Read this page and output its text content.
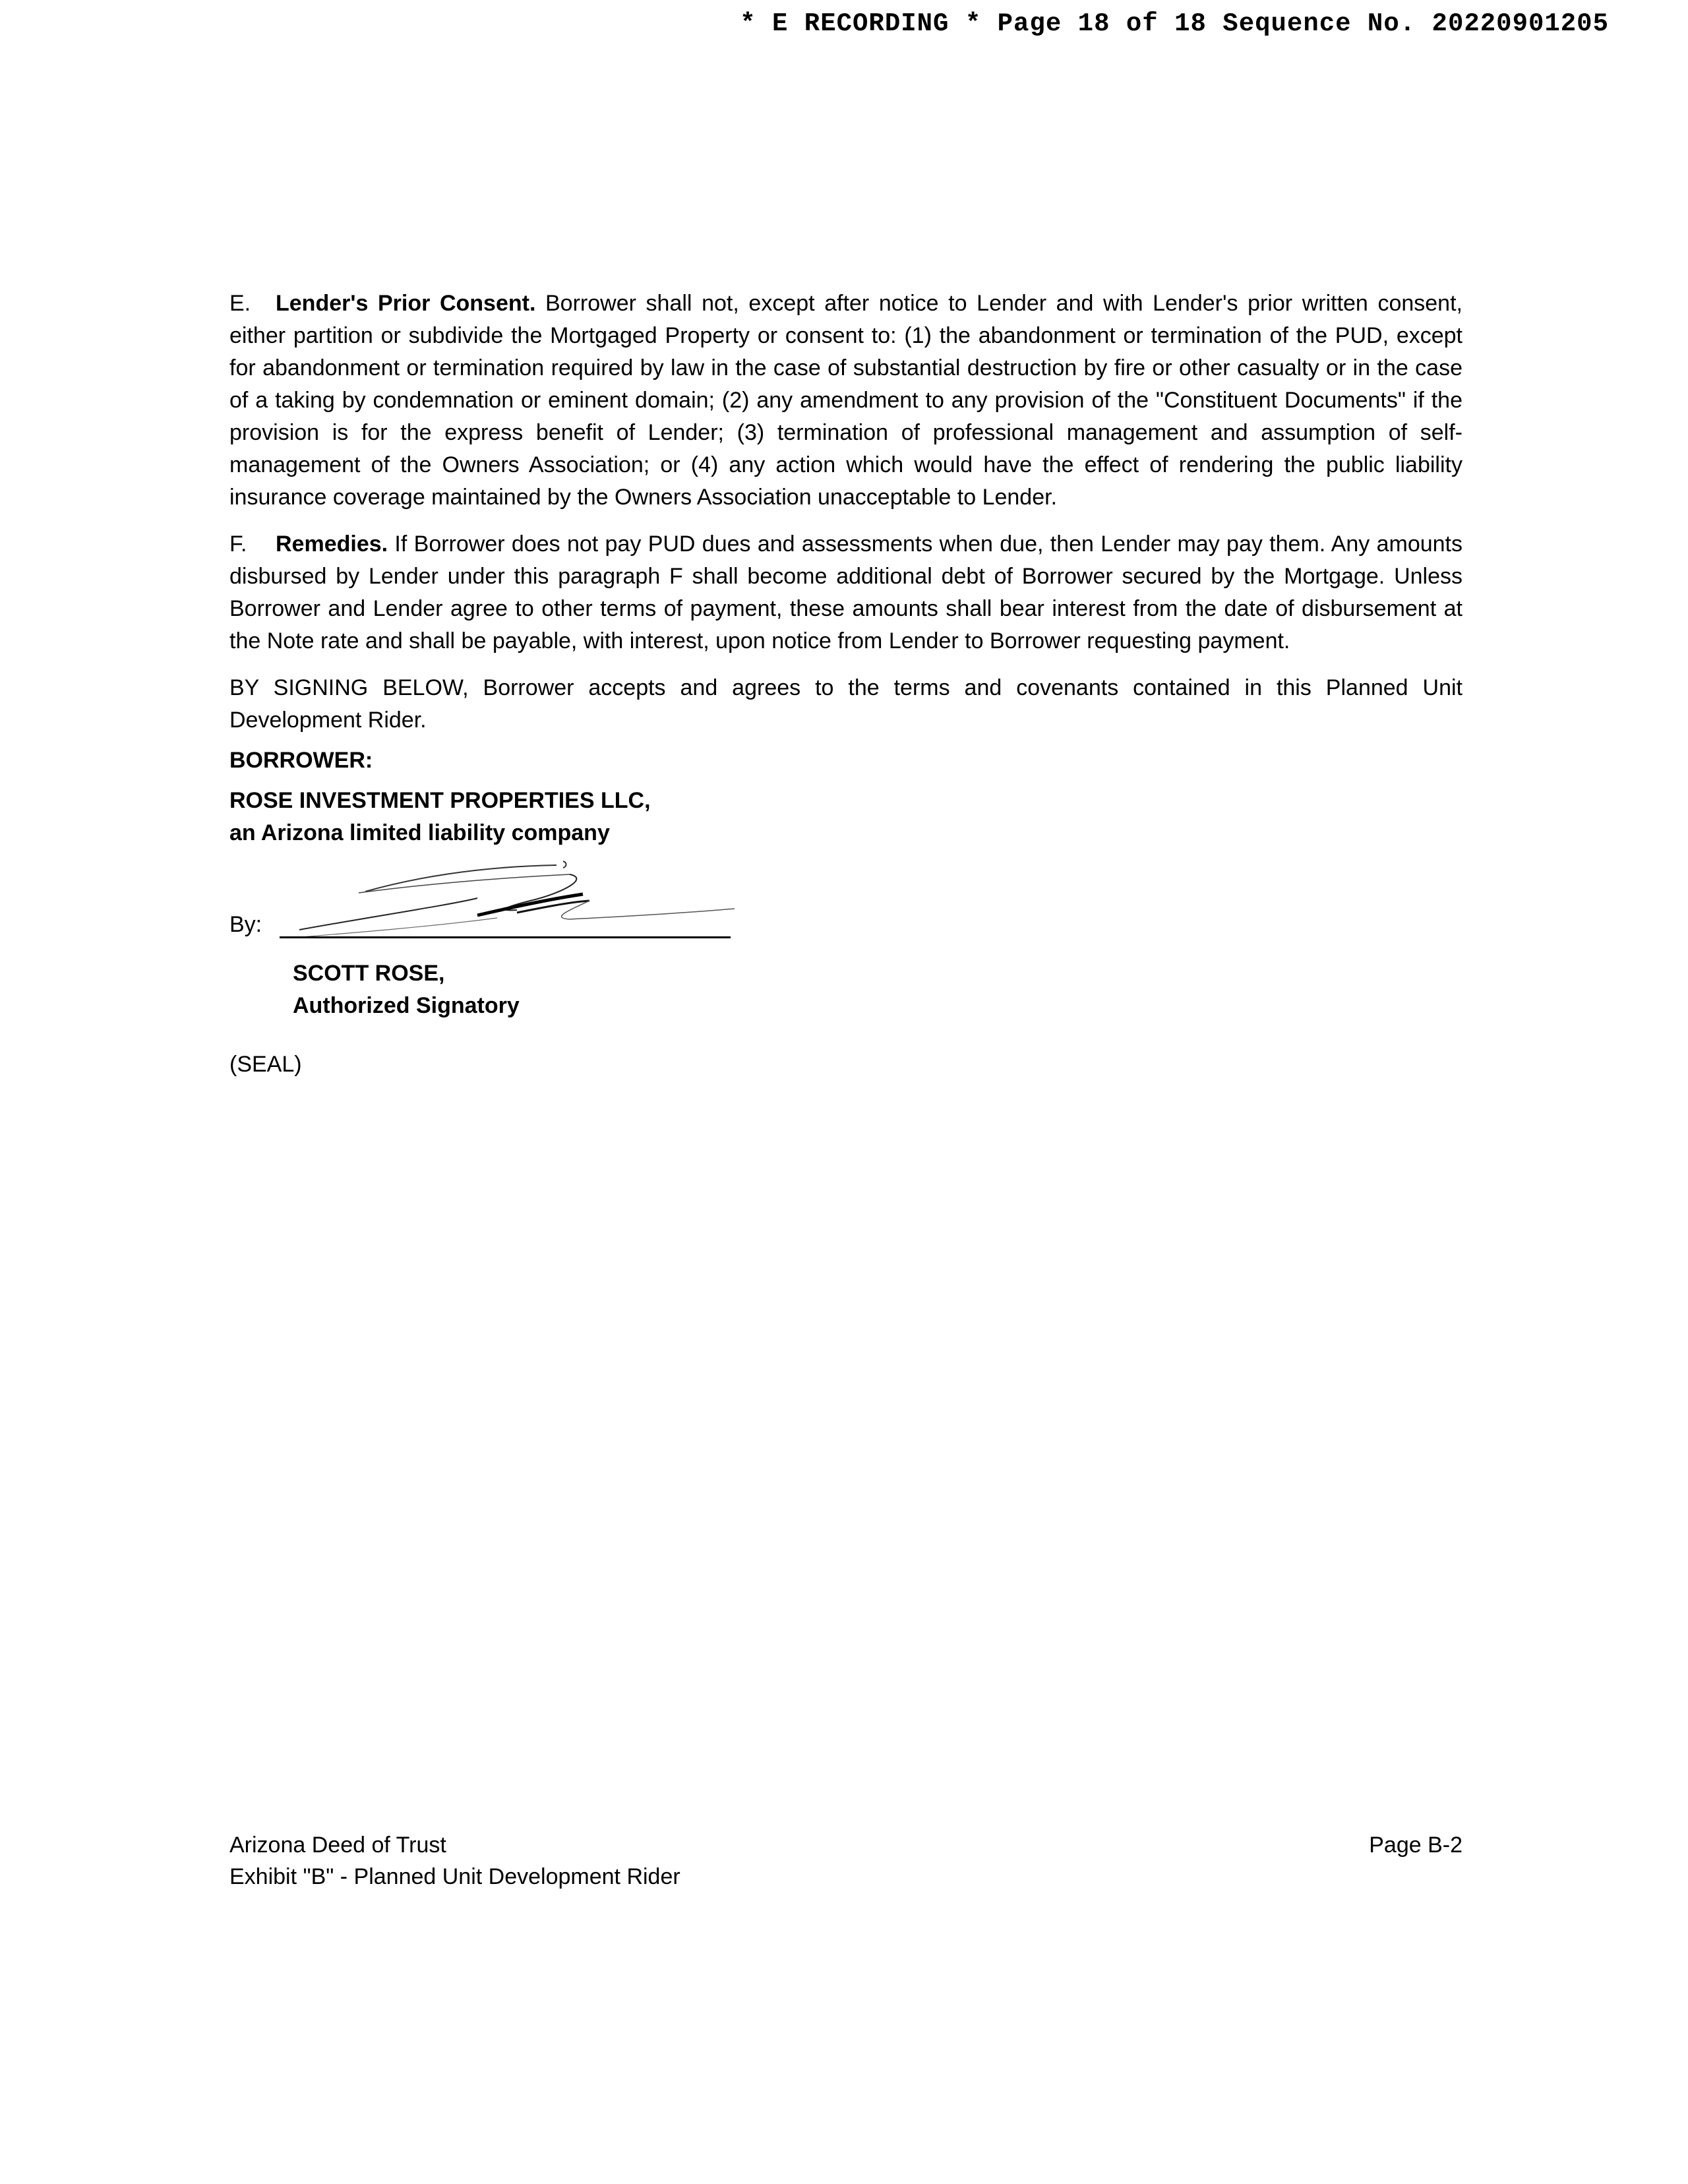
* E RECORDING * Page 18 of 18 Sequence No. 20220901205

E. Lender's Prior Consent. Borrower shall not, except after notice to Lender and with Lender's prior written consent, either partition or subdivide the Mortgaged Property or consent to: (1) the abandonment or termination of the PUD, except for abandonment or termination required by law in the case of substantial destruction by fire or other casualty or in the case of a taking by condemnation or eminent domain; (2) any amendment to any provision of the "Constituent Documents" if the provision is for the express benefit of Lender; (3) termination of professional management and assumption of self-management of the Owners Association; or (4) any action which would have the effect of rendering the public liability insurance coverage maintained by the Owners Association unacceptable to Lender.

F. Remedies. If Borrower does not pay PUD dues and assessments when due, then Lender may pay them. Any amounts disbursed by Lender under this paragraph F shall become additional debt of Borrower secured by the Mortgage. Unless Borrower and Lender agree to other terms of payment, these amounts shall bear interest from the date of disbursement at the Note rate and shall be payable, with interest, upon notice from Lender to Borrower requesting payment.

BY SIGNING BELOW, Borrower accepts and agrees to the terms and covenants contained in this Planned Unit Development Rider.

BORROWER:

ROSE INVESTMENT PROPERTIES LLC,

an Arizona limited liability company

By:

SCOTT ROSE,

Authorized Signatory

(SEAL)

Arizona Deed of Trust
Exhibit "B" - Planned Unit Development Rider
Page B-2
